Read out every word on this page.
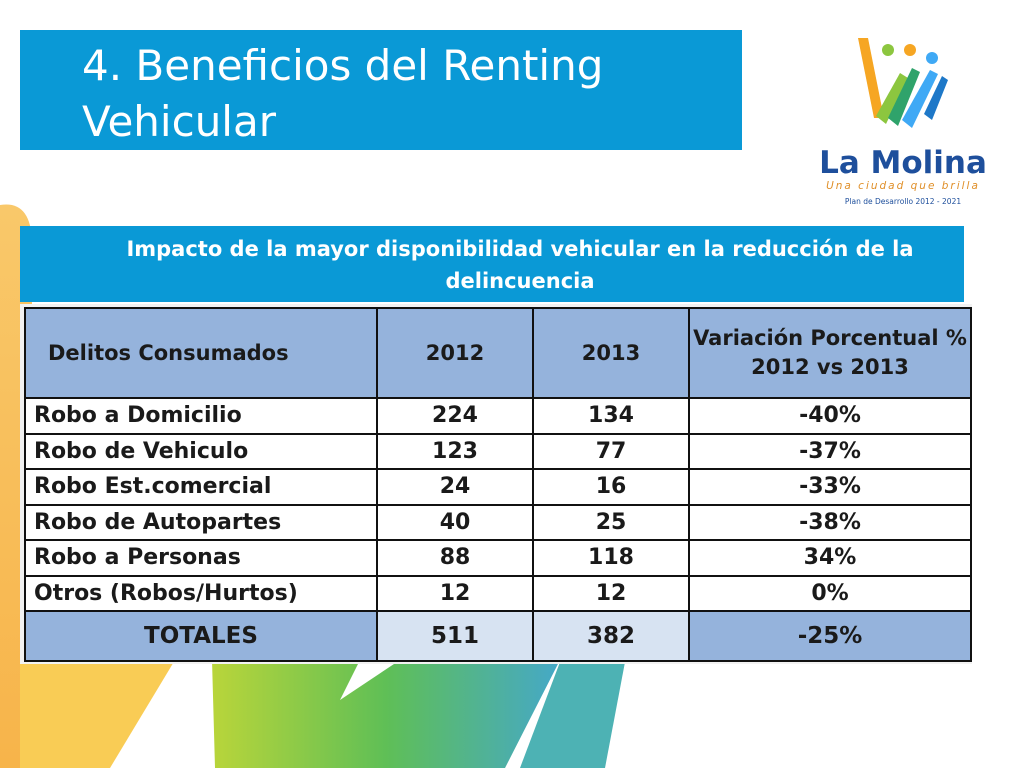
4. Beneficios del Renting Vehicular
La Molina
Una ciudad que brilla
Plan de Desarrollo 2012 - 2021

Impacto de la mayor disponibilidad vehicular en la reducción de la delincuencia

Delitos Consumados	2012	2013	Variación Porcentual % 2012 vs 2013
Robo a Domicilio	224	134	-40%
Robo de Vehiculo	123	77	-37%
Robo Est.comercial	24	16	-33%
Robo de Autopartes	40	25	-38%
Robo a Personas	88	118	34%
Otros (Robos/Hurtos)	12	12	0%
TOTALES	511	382	-25%
